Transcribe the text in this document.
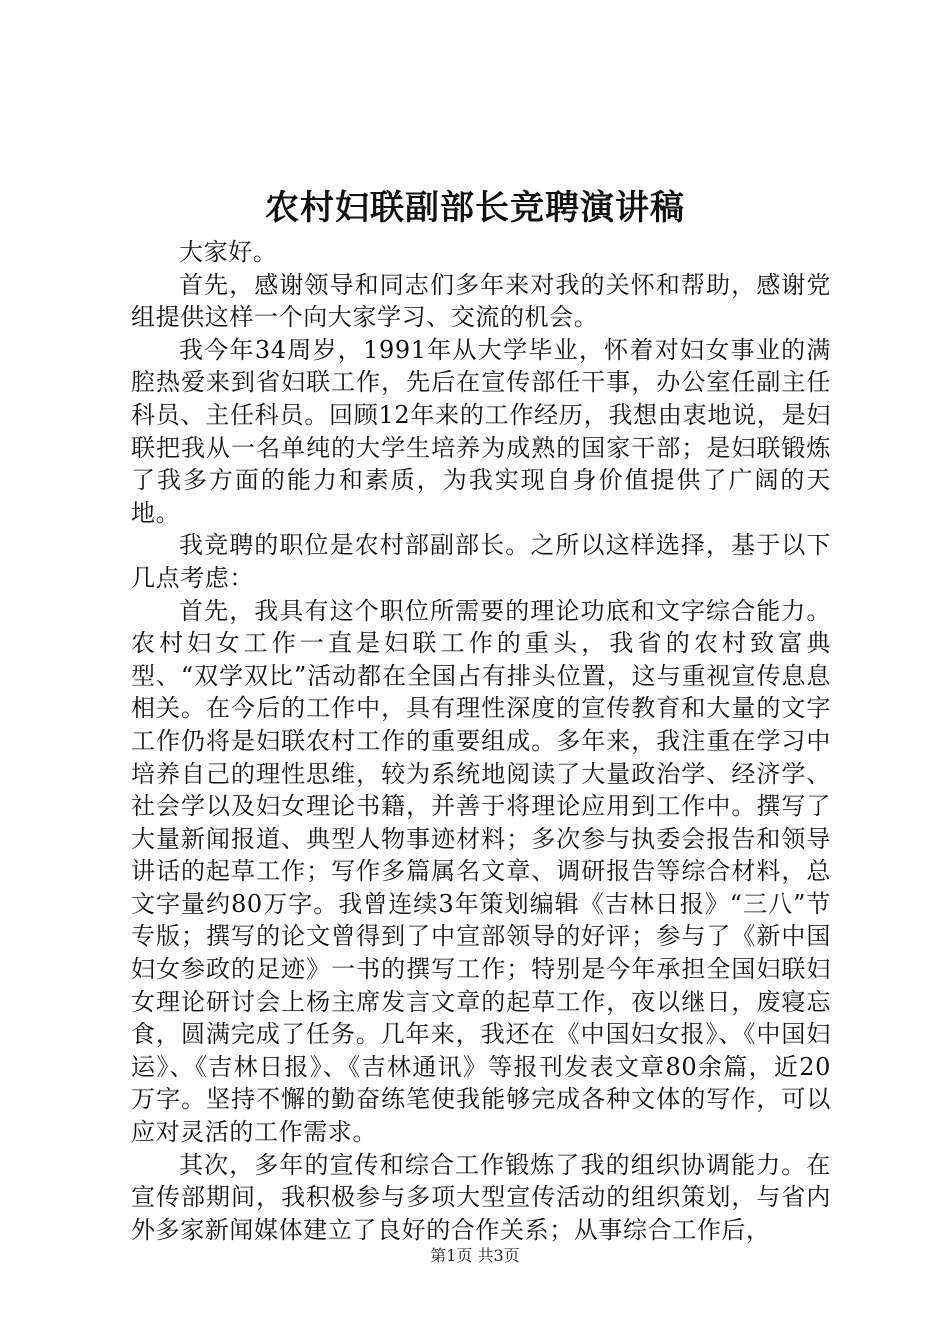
农村妇联副部长竞聘演讲稿

大家好。

首先，感谢领导和同志们多年来对我的关怀和帮助，感谢党组提供这样一个向大家学习、交流的机会。

我今年34周岁，1991年从大学毕业，怀着对妇女事业的满腔热爱来到省妇联工作，先后在宣传部任干事，办公室任副主任科员、主任科员。回顾12年来的工作经历，我想由衷地说，是妇联把我从一名单纯的大学生培养为成熟的国家干部；是妇联锻炼了我多方面的能力和素质，为我实现自身价值提供了广阔的天地。

我竞聘的职位是农村部副部长。之所以这样选择，基于以下几点考虑：

首先，我具有这个职位所需要的理论功底和文字综合能力。农村妇女工作一直是妇联工作的重头，我省的农村致富典型、“双学双比”活动都在全国占有排头位置，这与重视宣传息息相关。在今后的工作中，具有理性深度的宣传教育和大量的文字工作仍将是妇联农村工作的重要组成。多年来，我注重在学习中培养自己的理性思维，较为系统地阅读了大量政治学、经济学、社会学以及妇女理论书籍，并善于将理论应用到工作中。撰写了大量新闻报道、典型人物事迹材料；多次参与执委会报告和领导讲话的起草工作；写作多篇属名文章、调研报告等综合材料，总文字量约80万字。我曾连续3年策划编辑《吉林日报》“三八”节专版；撰写的论文曾得到了中宣部领导的好评；参与了《新中国妇女参政的足迹》一书的撰写工作；特别是今年承担全国妇联妇女理论研讨会上杨主席发言文章的起草工作，夜以继日，废寝忘食，圆满完成了任务。几年来，我还在《中国妇女报》、《中国妇运》、《吉林日报》、《吉林通讯》等报刊发表文章80余篇，近20万字。坚持不懈的勤奋练笔使我能够完成各种文体的写作，可以应对灵活的工作需求。

其次，多年的宣传和综合工作锻炼了我的组织协调能力。在宣传部期间，我积极参与多项大型宣传活动的组织策划，与省内外多家新闻媒体建立了良好的合作关系；从事综合工作后，

第1页 共3页
